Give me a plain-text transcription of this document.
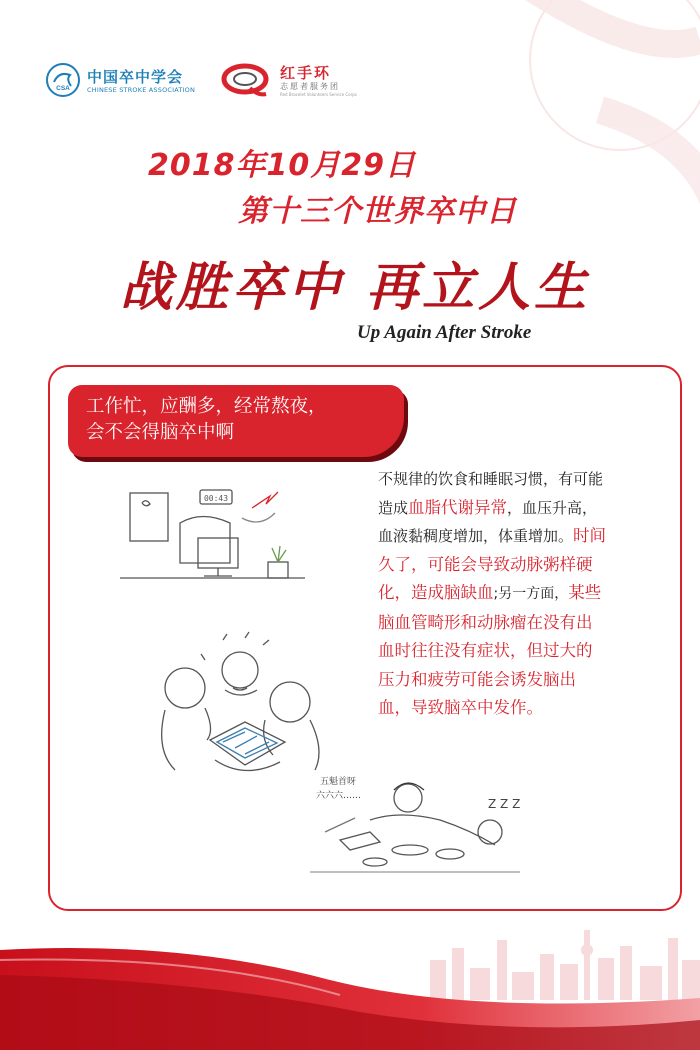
CSA
中国卒中学会
CHINESE STROKE ASSOCIATION
红手环
志愿者服务团
Red Bracelet Volunteers Service Corps
2018年10月29日
第十三个世界卒中日
战胜卒中 再立人生
Up Again After Stroke
工作忙，应酬多，经常熬夜，
会不会得脑卒中啊
不规律的饮食和睡眠习惯，有可能
造成血脂代谢异常，血压升高，
血液黏稠度增加，体重增加。时间
久了，可能会导致动脉粥样硬
化，造成脑缺血;另一方面，某些
脑血管畸形和动脉瘤在没有出
血时往往没有症状，但过大的
压力和疲劳可能会诱发脑出
血，导致脑卒中发作。
00:43
五魁首呀
六六六……
Z Z Z
